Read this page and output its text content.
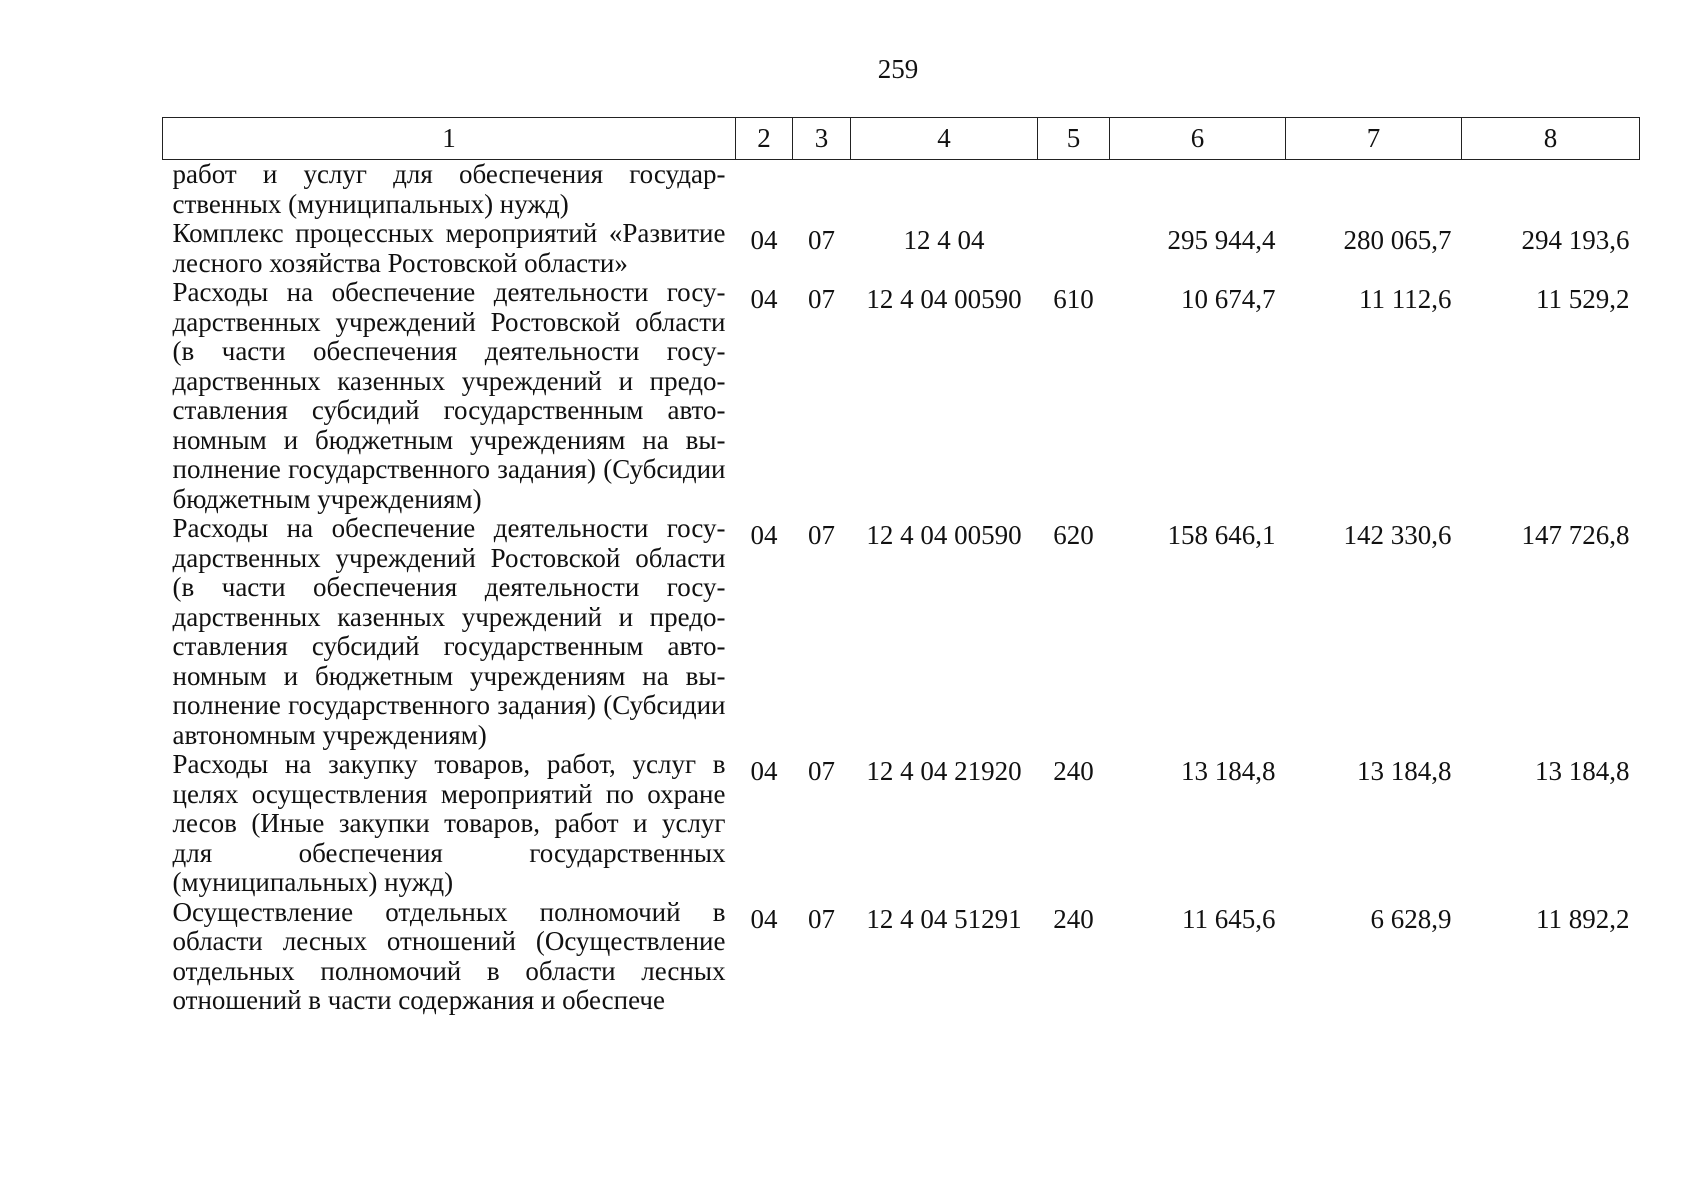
259
1	2	3	4	5	6	7	8
работ и услуг для обеспечения государственных (муниципальных) нужд)							
Комплекс процессных мероприятий «Развитие лесного хозяйства Ростовской области»	04	07	12 4 04		295 944,4	280 065,7	294 193,6
Расходы на обеспечение деятельности государственных учреждений Ростовской области (в части обеспечения деятельности государственных казенных учреждений и предоставления субсидий государственным автономным и бюджетным учреждениям на выполнение государственного задания) (Субсидии бюджетным учреждениям)	04	07	12 4 04 00590	610	10 674,7	11 112,6	11 529,2
Расходы на обеспечение деятельности государственных учреждений Ростовской области (в части обеспечения деятельности государственных казенных учреждений и предоставления субсидий государственным автономным и бюджетным учреждениям на выполнение государственного задания) (Субсидии автономным учреждениям)	04	07	12 4 04 00590	620	158 646,1	142 330,6	147 726,8
Расходы на закупку товаров, работ, услуг в целях осуществления мероприятий по охране лесов (Иные закупки товаров, работ и услуг для обеспечения государственных (муниципальных) нужд)	04	07	12 4 04 21920	240	13 184,8	13 184,8	13 184,8
Осуществление отдельных полномочий в области лесных отношений (Осуществление отдельных полномочий в области лесных отношений в части содержания и обеспече	04	07	12 4 04 51291	240	11 645,6	6 628,9	11 892,2
